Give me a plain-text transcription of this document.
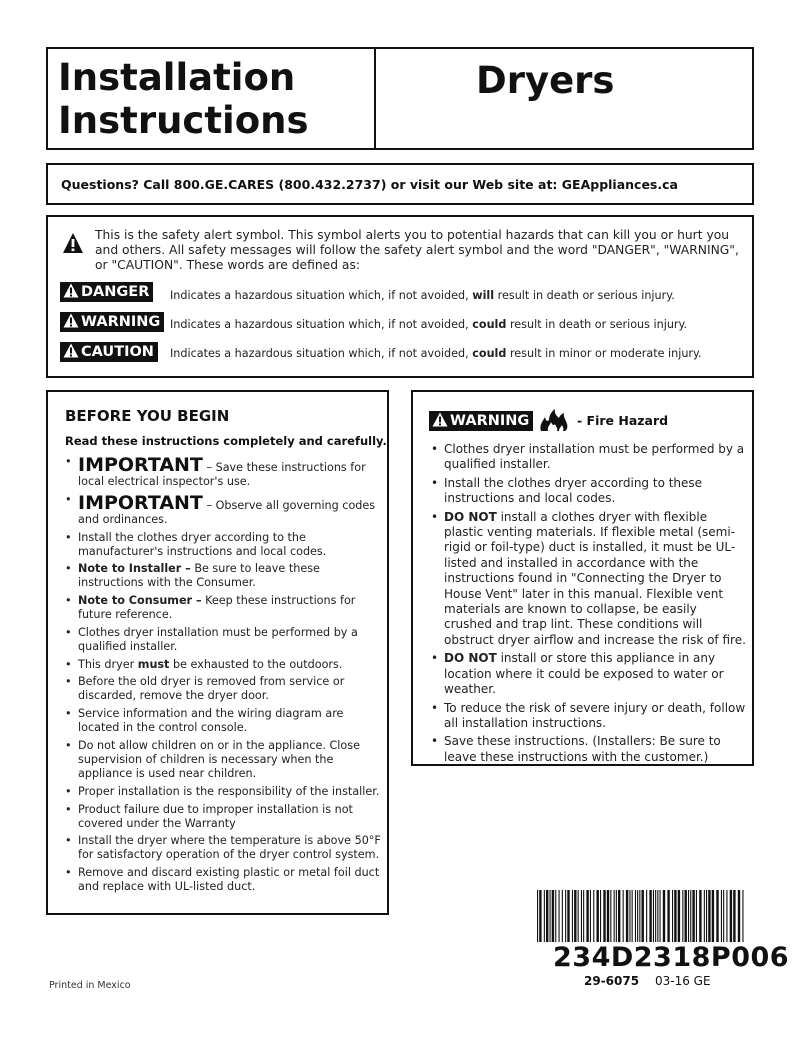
Installation
Instructions
Dryers
Questions? Call 800.GE.CARES (800.432.2737) or visit our Web site at: GEAppliances.ca
This is the safety alert symbol. This symbol alerts you to potential hazards that can kill you or hurt you and others. All safety messages will follow the safety alert symbol and the word "DANGER", "WARNING", or "CAUTION". These words are defined as:
DANGER	Indicates a hazardous situation which, if not avoided, will result in death or serious injury.
WARNING Indicates a hazardous situation which, if not avoided, could result in death or serious injury.
CAUTION	Indicates a hazardous situation which, if not avoided, could result in minor or moderate injury.
BEFORE YOU BEGIN
Read these instructions completely and carefully.
• IMPORTANT – Save these instructions for local electrical inspector's use.
• IMPORTANT – Observe all governing codes and ordinances.
• Install the clothes dryer according to the manufacturer's instructions and local codes.
• Note to Installer – Be sure to leave these instructions with the Consumer.
• Note to Consumer – Keep these instructions for future reference.
• Clothes dryer installation must be performed by a qualified installer.
• This dryer must be exhausted to the outdoors.
• Before the old dryer is removed from service or discarded, remove the dryer door.
• Service information and the wiring diagram are located in the control console.
• Do not allow children on or in the appliance. Close supervision of children is necessary when the appliance is used near children.
• Proper installation is the responsibility of the installer.
• Product failure due to improper installation is not covered under the Warranty
• Install the dryer where the temperature is above 50°F for satisfactory operation of the dryer control system.
• Remove and discard existing plastic or metal foil duct and replace with UL-listed duct.
WARNING	- Fire Hazard
• Clothes dryer installation must be performed by a qualified installer.
• Install the clothes dryer according to these instructions and local codes.
• DO NOT install a clothes dryer with flexible plastic venting materials. If flexible metal (semi-rigid or foil-type) duct is installed, it must be UL-listed and installed in accordance with the instructions found in "Connecting the Dryer to House Vent" later in this manual. Flexible vent materials are known to collapse, be easily crushed and trap lint. These conditions will obstruct dryer airflow and increase the risk of fire.
• DO NOT install or store this appliance in any location where it could be exposed to water or weather.
• To reduce the risk of severe injury or death, follow all installation instructions.
• Save these instructions. (Installers: Be sure to leave these instructions with the customer.)
234D2318P006
29-6075 03-16 GE
Printed in Mexico
